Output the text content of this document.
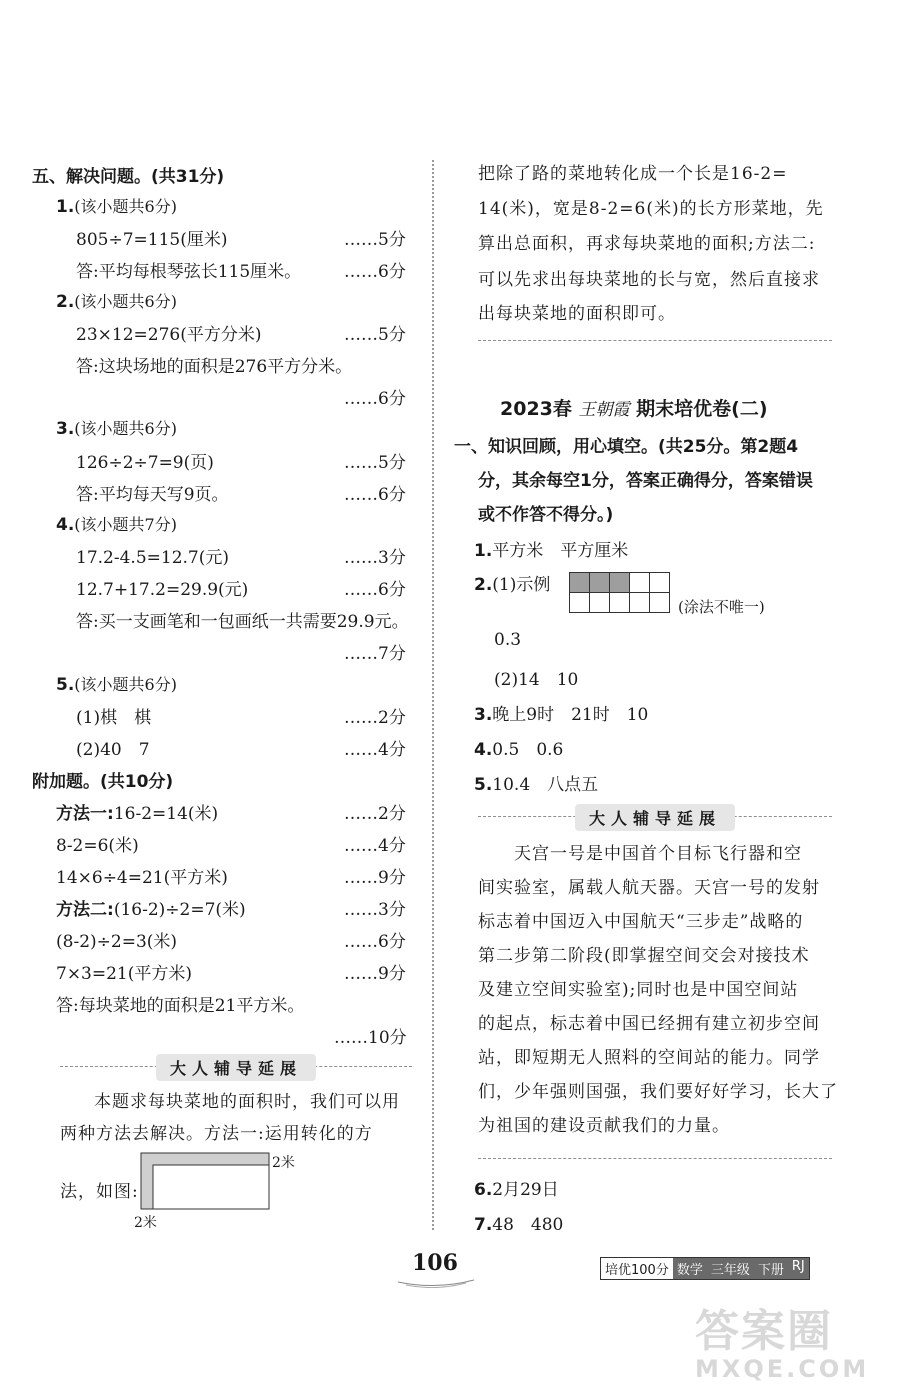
五、解决问题。(共31分)
1.(该小题共6分)
805÷7=115(厘米)	……5分
答:平均每根琴弦长115厘米。	……6分
2.(该小题共6分)
23×12=276(平方分米)	……5分
答:这块场地的面积是276平方分米。
……6分
3.(该小题共6分)
126÷2÷7=9(页)	……5分
答:平均每天写9页。	……6分
4.(该小题共7分)
17.2-4.5=12.7(元)	……3分
12.7+17.2=29.9(元)	……6分
答:买一支画笔和一包画纸一共需要29.9元。
……7分
5.(该小题共6分)
(1)棋　棋	……2分
(2)40　7	……4分
附加题。(共10分)
方法一:16-2=14(米)	……2分
8-2=6(米)	……4分
14×6÷4=21(平方米)	……9分
方法二:(16-2)÷2=7(米)	……3分
(8-2)÷2=3(米)	……6分
7×3=21(平方米)	……9分
答:每块菜地的面积是21平方米。
……10分
大人辅导延展
本题求每块菜地的面积时，我们可以用
两种方法去解决。方法一:运用转化的方
法，如图:
2米
2米
把除了路的菜地转化成一个长是16-2=
14(米)，宽是8-2=6(米)的长方形菜地，先
算出总面积，再求每块菜地的面积;方法二:
可以先求出每块菜地的长与宽，然后直接求
出每块菜地的面积即可。
2023春 王朝霞 期末培优卷(二)
一、知识回顾，用心填空。(共25分。第2题4
分，其余每空1分，答案正确得分，答案错误
或不作答不得分。)
1.平方米　平方厘米
2.(1)示例

(涂法不唯一)
0.3
(2)14　10
3.晚上9时　21时　10
4.0.5　0.6
5.10.4　八点五
大人辅导延展
天宫一号是中国首个目标飞行器和空
间实验室，属载人航天器。天宫一号的发射
标志着中国迈入中国航天“三步走”战略的
第二步第二阶段(即掌握空间交会对接技术
及建立空间实验室);同时也是中国空间站
的起点，标志着中国已经拥有建立初步空间
站，即短期无人照料的空间站的能力。同学
们，少年强则国强，我们要好好学习，长大了
为祖国的建设贡献我们的力量。
6.2月29日
7.48　480
106	培优100分 数学 三年级 下册 RJ
答案圈
MXQE.COM
